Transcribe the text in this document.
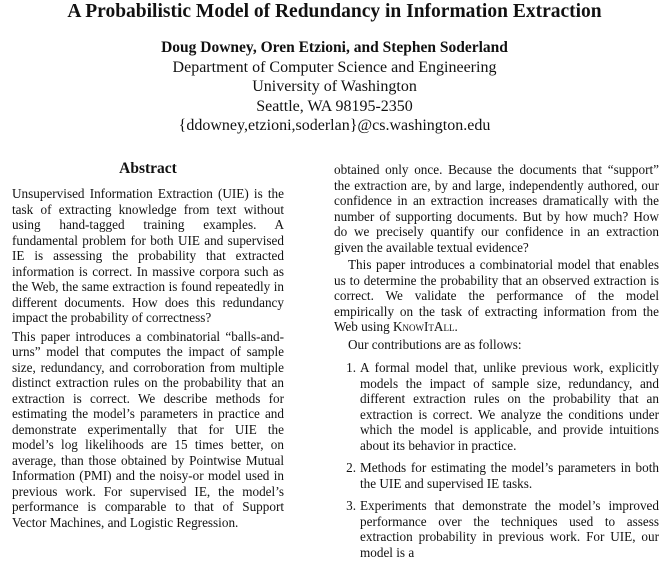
A Probabilistic Model of Redundancy in Information Extraction
Doug Downey, Oren Etzioni, and Stephen Soderland
Department of Computer Science and Engineering
University of Washington
Seattle, WA 98195-2350
{ddowney,etzioni,soderlan}@cs.washington.edu
Abstract

Unsupervised Information Extraction (UIE) is the task of extracting knowledge from text without using hand-tagged training examples. A fundamental problem for both UIE and supervised IE is assessing the probability that extracted information is correct. In massive corpora such as the Web, the same extraction is found repeatedly in different documents. How does this redundancy impact the probability of correctness?

This paper introduces a combinatorial “balls-and-urns” model that computes the impact of sample size, redundancy, and corroboration from multiple distinct extraction rules on the probability that an extraction is correct. We describe methods for estimating the model’s parameters in practice and demonstrate experimentally that for UIE the model’s log likelihoods are 15 times better, on average, than those obtained by Pointwise Mutual Information (PMI) and the noisy-or model used in previous work. For supervised IE, the model’s performance is comparable to that of Support Vector Machines, and Logistic Regression.

obtained only once. Because the documents that “support” the extraction are, by and large, independently authored, our confidence in an extraction increases dramatically with the number of supporting documents. But by how much? How do we precisely quantify our confidence in an extraction given the available textual evidence?

This paper introduces a combinatorial model that enables us to determine the probability that an observed extraction is correct. We validate the performance of the model empirically on the task of extracting information from the Web using KnowItAll.

Our contributions are as follows:

1. A formal model that, unlike previous work, explicitly models the impact of sample size, redundancy, and different extraction rules on the probability that an extraction is correct. We analyze the conditions under which the model is applicable, and provide intuitions about its behavior in practice.
2. Methods for estimating the model’s parameters in both the UIE and supervised IE tasks.
3. Experiments that demonstrate the model’s improved performance over the techniques used to assess extraction probability in previous work. For UIE, our model is a
